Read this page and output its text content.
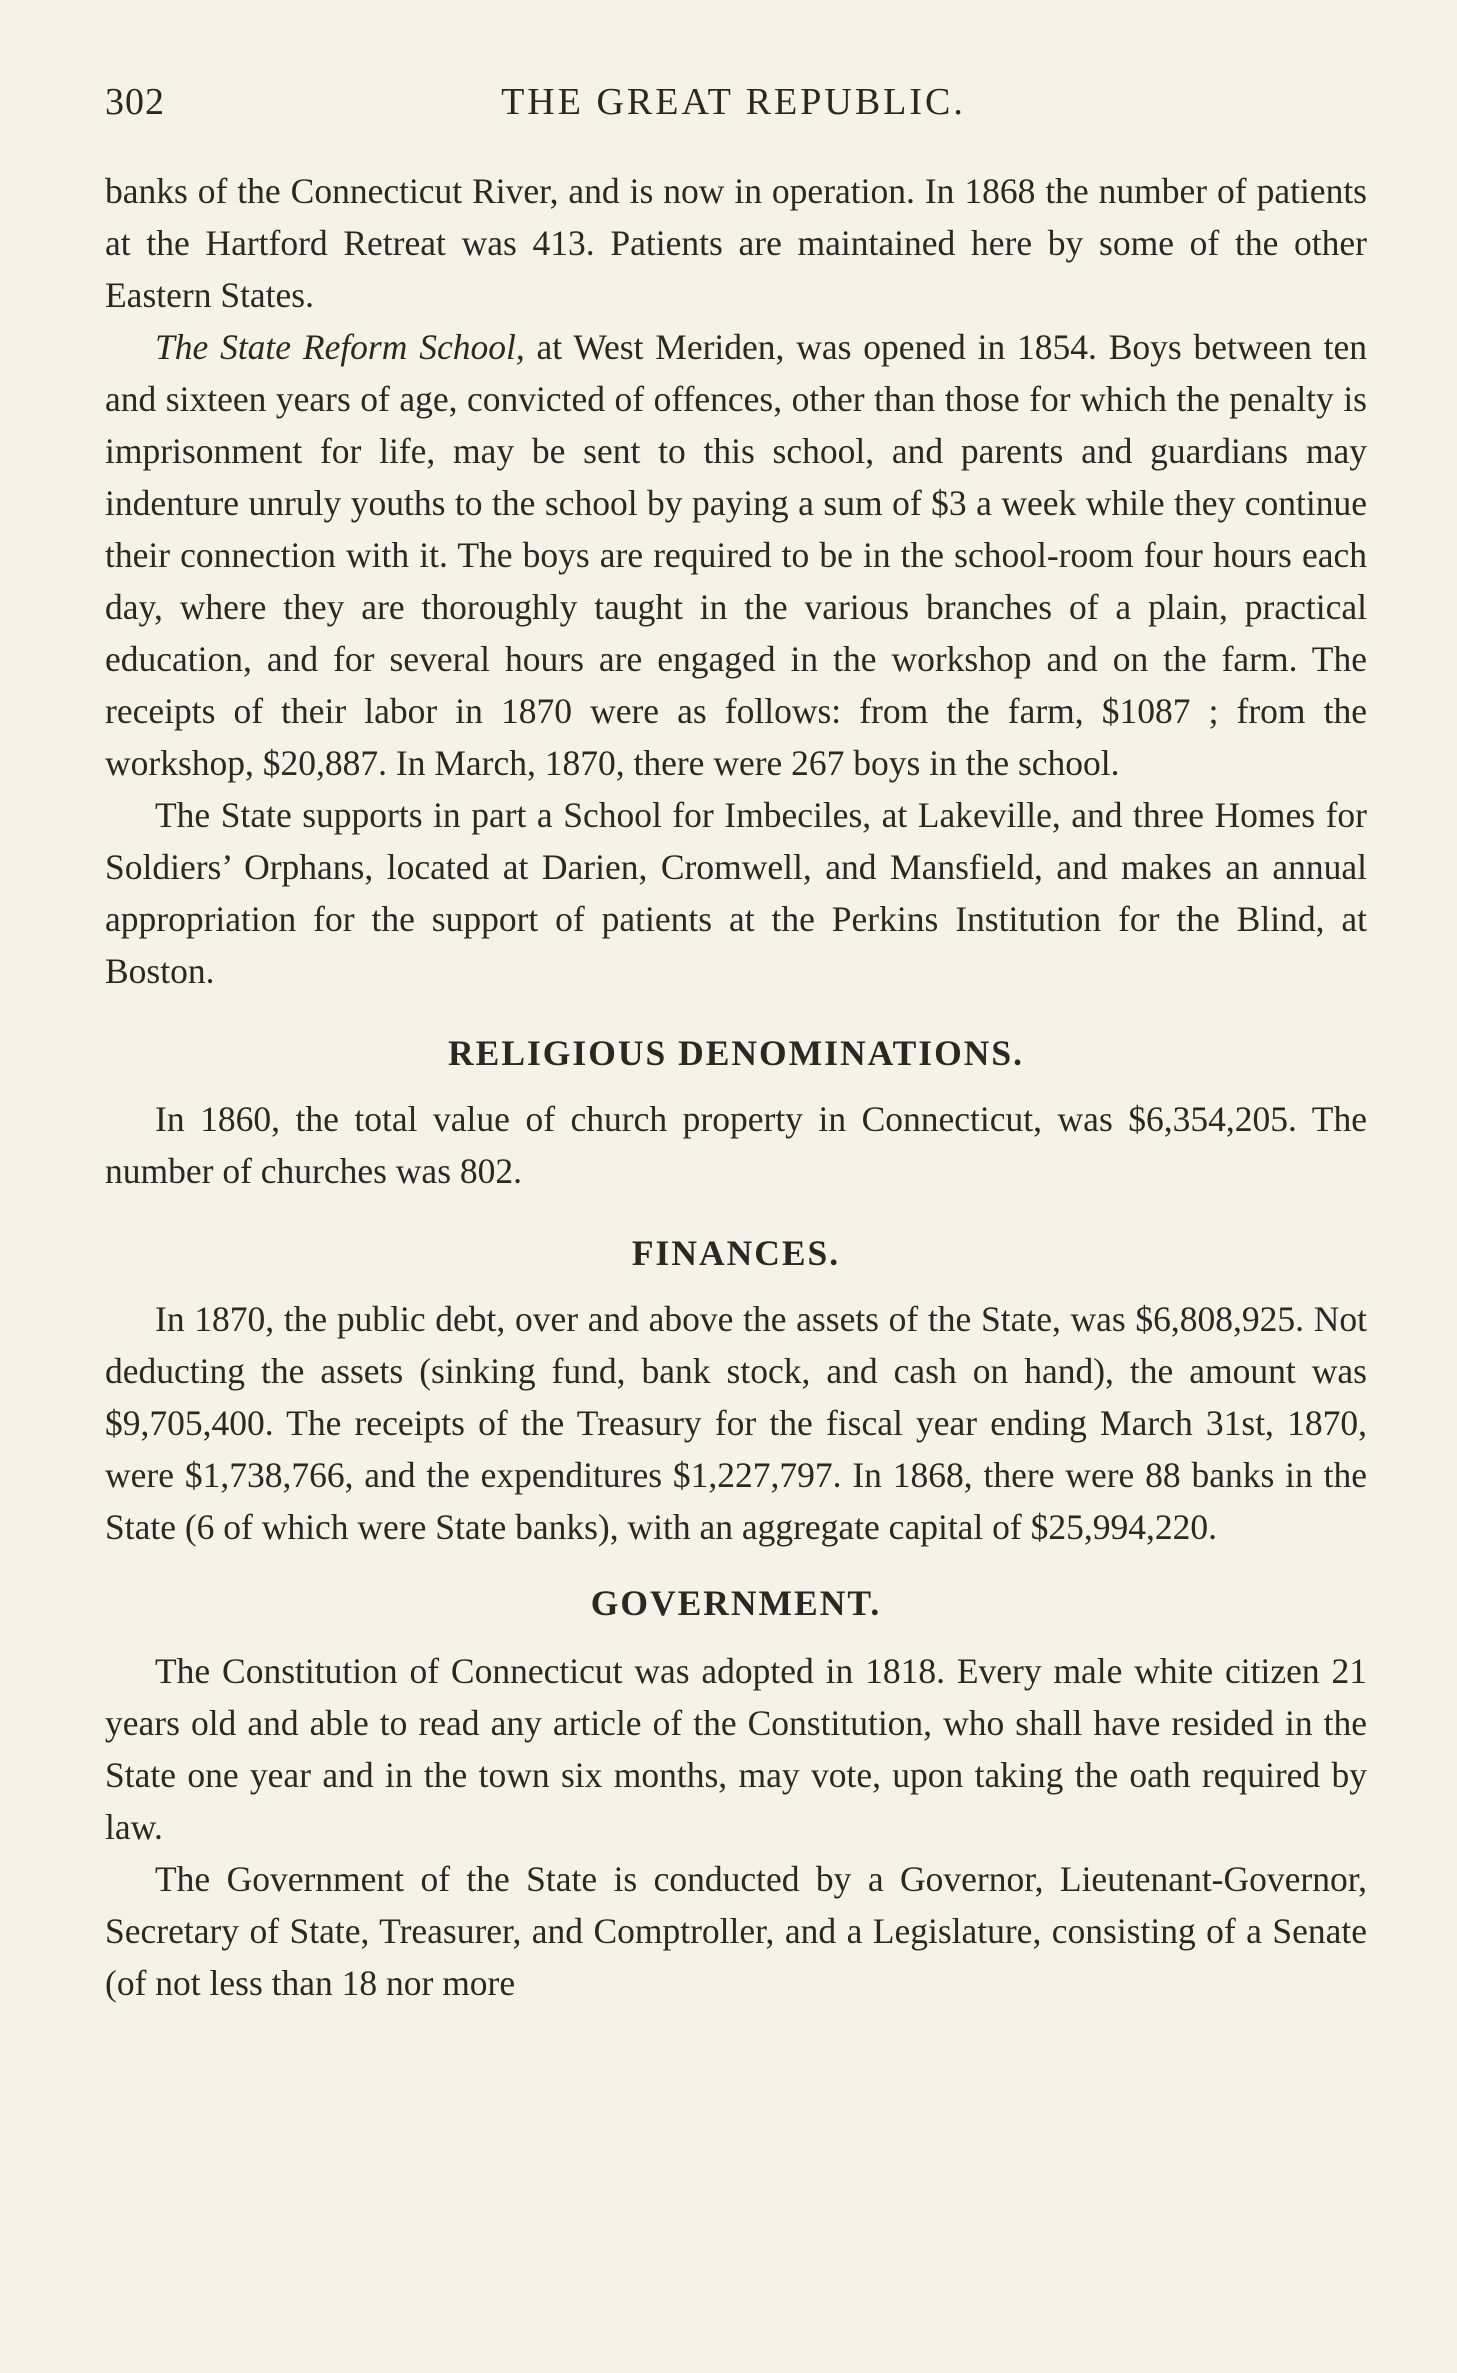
302	THE GREAT REPUBLIC.

banks of the Connecticut River, and is now in operation. In 1868 the number of patients at the Hartford Retreat was 413. Patients are maintained here by some of the other Eastern States.

The State Reform School, at West Meriden, was opened in 1854. Boys between ten and sixteen years of age, convicted of offences, other than those for which the penalty is imprisonment for life, may be sent to this school, and parents and guardians may indenture unruly youths to the school by paying a sum of $3 a week while they continue their connection with it. The boys are required to be in the school-room four hours each day, where they are thoroughly taught in the various branches of a plain, practical education, and for several hours are engaged in the workshop and on the farm. The receipts of their labor in 1870 were as follows: from the farm, $1087 ; from the workshop, $20,887. In March, 1870, there were 267 boys in the school.

The State supports in part a School for Imbeciles, at Lakeville, and three Homes for Soldiers’ Orphans, located at Darien, Cromwell, and Mansfield, and makes an annual appropriation for the support of patients at the Perkins Institution for the Blind, at Boston.

RELIGIOUS DENOMINATIONS.

In 1860, the total value of church property in Connecticut, was $6,354,205. The number of churches was 802.

FINANCES.

In 1870, the public debt, over and above the assets of the State, was $6,808,925. Not deducting the assets (sinking fund, bank stock, and cash on hand), the amount was $9,705,400. The receipts of the Treasury for the fiscal year ending March 31st, 1870, were $1,738,766, and the expenditures $1,227,797. In 1868, there were 88 banks in the State (6 of which were State banks), with an aggregate capital of $25,994,220.

GOVERNMENT.

The Constitution of Connecticut was adopted in 1818. Every male white citizen 21 years old and able to read any article of the Constitution, who shall have resided in the State one year and in the town six months, may vote, upon taking the oath required by law.

The Government of the State is conducted by a Governor, Lieutenant-Governor, Secretary of State, Treasurer, and Comptroller, and a Legislature, consisting of a Senate (of not less than 18 nor more
